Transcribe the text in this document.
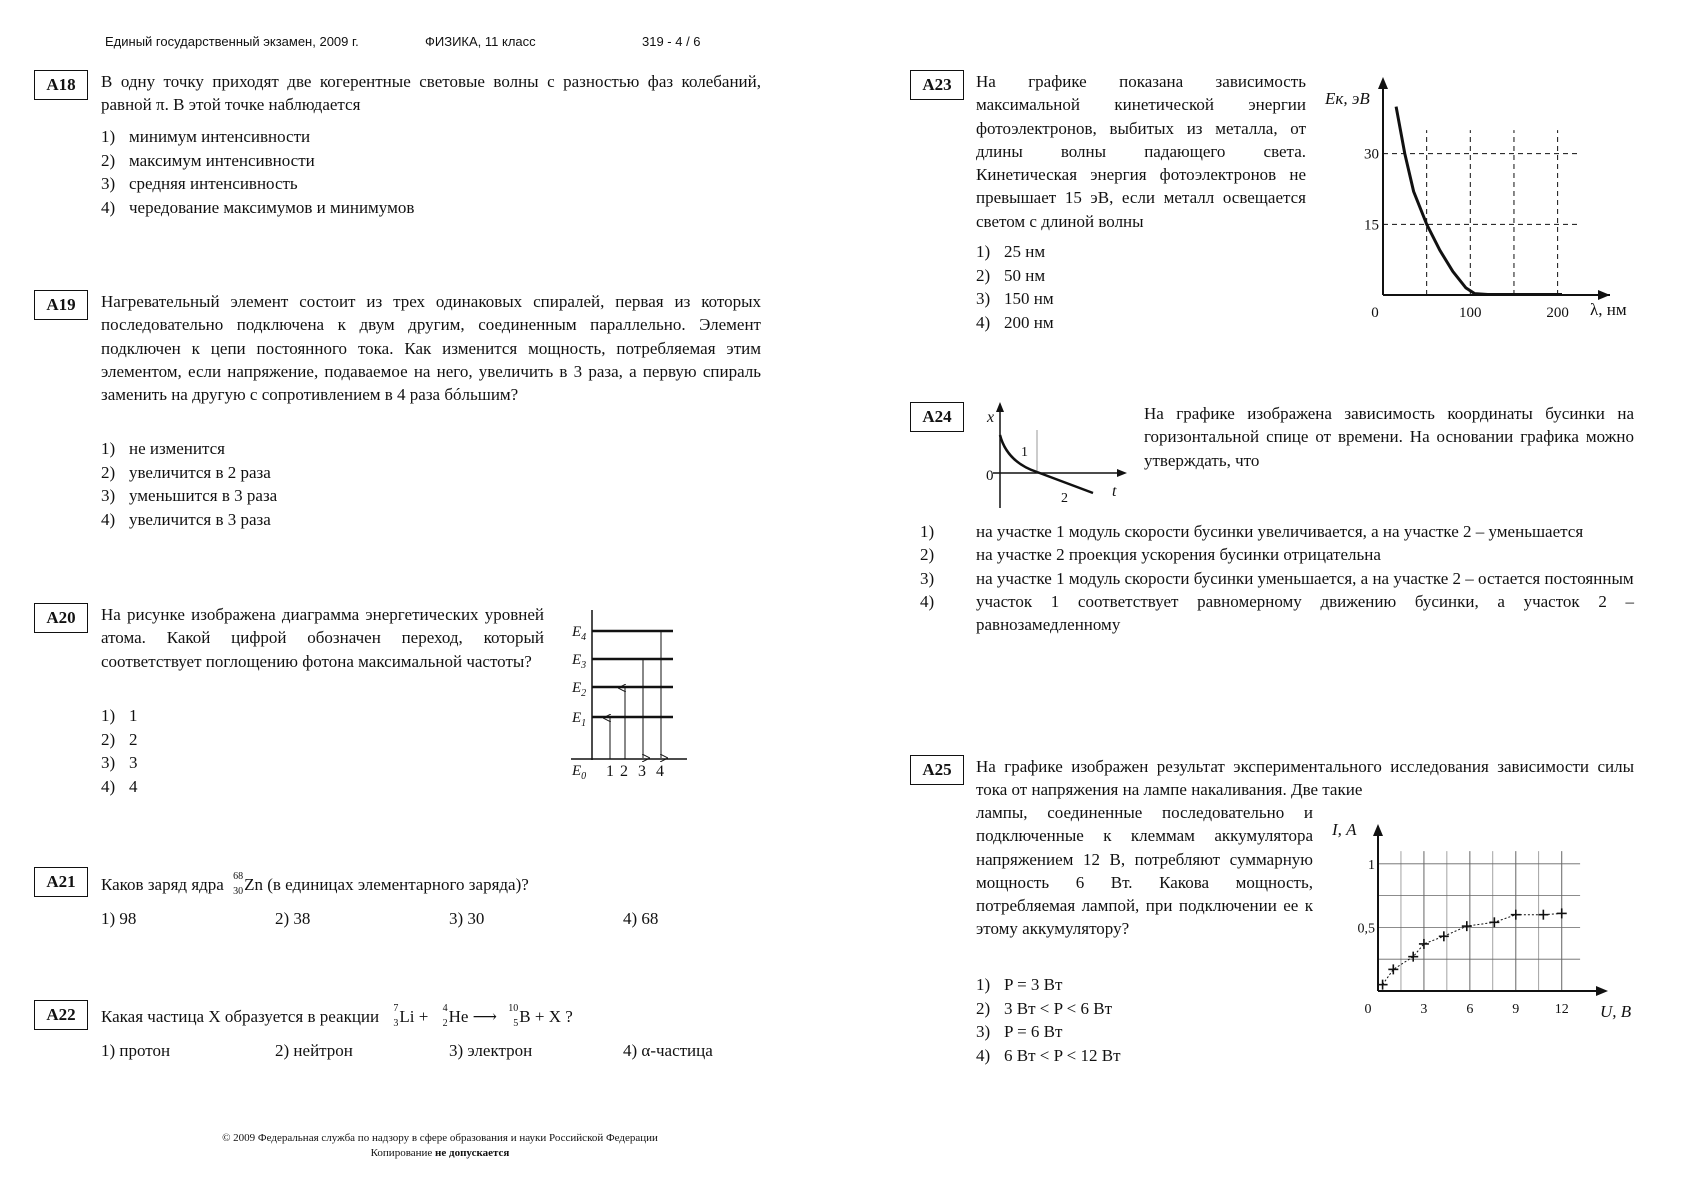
Единый государственный экзамен, 2009 г.	ФИЗИКА, 11 класс	319 - 4 / 6
A18	В одну точку приходят две когерентные световые волны с разностью фаз колебаний, равной π. В этой точке наблюдается
1) минимум интенсивности
2) максимум интенсивности
3) средняя интенсивность
4) чередование максимумов и минимумов
A19	Нагревательный элемент состоит из трех одинаковых спиралей, первая из которых последовательно подключена к двум другим, соединенным параллельно. Элемент подключен к цепи постоянного тока. Как изменится мощность, потребляемая этим элементом, если напряжение, подаваемое на него, увеличить в 3 раза, а первую спираль заменить на другую с сопротивлением в 4 раза бóльшим?
1) не изменится
2) увеличится в 2 раза
3) уменьшится в 3 раза
4) увеличится в 3 раза
A20	На рисунке изображена диаграмма энергетических уровней атома. Какой цифрой обозначен переход, который соответствует поглощению фотона максимальной частоты?
1) 1
2) 2
3) 3
4) 4
$E_4$
$E_3$
$E_2$
$E_1$
$E_0$ 1 2 3 4
A21	Каков заряд ядра 68
30 Zn (в единицах элементарного заряда)?
1) 98	2) 38	3) 30	4) 68
A22	Какая частица X образуется в реакции 7
3 Li + 4
2 He ⟶ 10
5 B + X ?
1) протон	2) нейтрон	3) электрон	4) α-частица
A23	На графике показана зависимость максимальной кинетической энергии фотоэлектронов, выбитых из металла, от длины волны падающего света. Кинетическая энергия фотоэлектронов не превышает 15 эВ, если металл освещается светом с длиной волны
1) 25 нм
2) 50 нм
3) 150 нм
4) 200 нм
Eк, эВ
λ, нм
0	100	200
15
30
A24	x
t
0
1
2
На графике изображена зависимость координаты бусинки на горизонтальной спице от времени. На основании графика можно утверждать, что
1) на участке 1 модуль скорости бусинки увеличивается, а на участке 2 – уменьшается
2) на участке 2 проекция ускорения бусинки отрицательна
3) на участке 1 модуль скорости бусинки уменьшается, а на участке 2 – остается постоянным
4) участок 1 соответствует равномерному движению бусинки, а участок 2 – равнозамедленному
A25	На графике изображен результат экспериментального исследования зависимости силы тока от напряжения на лампе накаливания. Две такие
лампы, соединенные последовательно и подключенные к клеммам аккумулятора напряжением 12 В, потребляют суммарную мощность 6 Вт. Какова мощность, потребляемая лампой, при подключении ее к этому аккумулятору?
1) P = 3 Вт
2) 3 Вт < P < 6 Вт
3) P = 6 Вт
4) 6 Вт < P < 12 Вт
I, А
U, В
0	3	6	9	12
0,5
1
© 2009 Федеральная служба по надзору в сфере образования и науки Российской Федерации
Копирование не допускается
